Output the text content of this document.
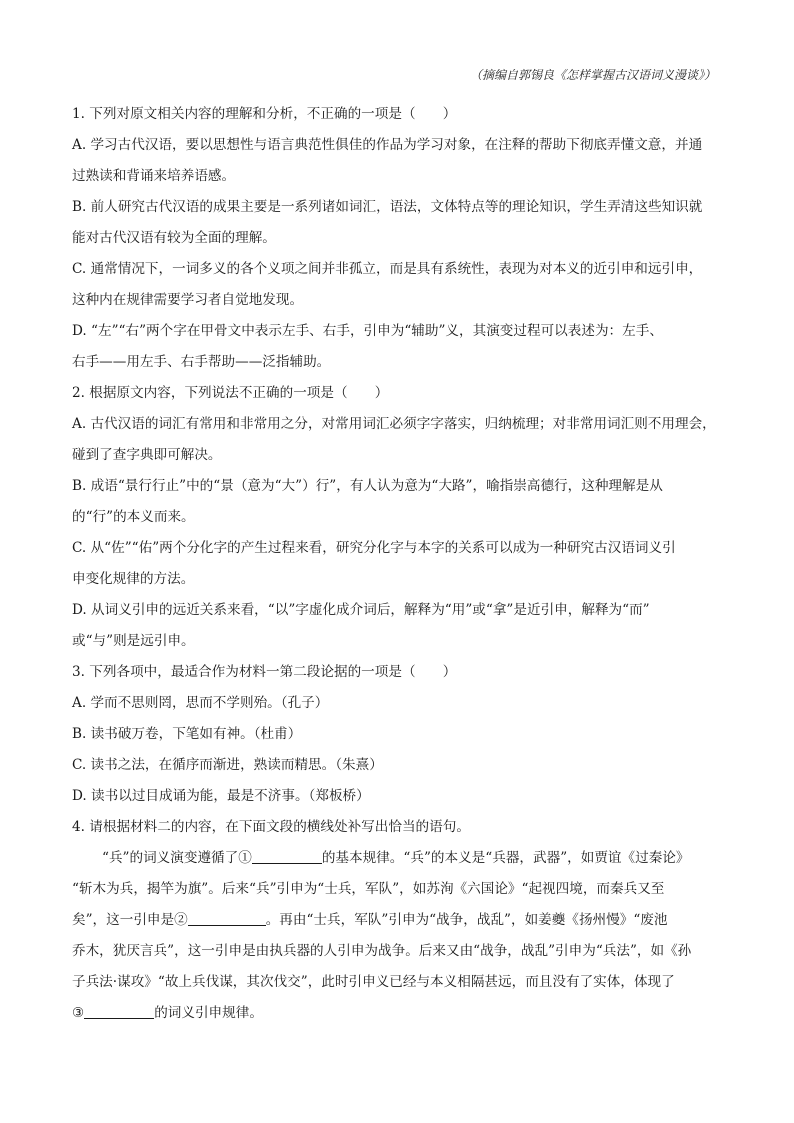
（摘编自郭锡良《怎样掌握古汉语词义漫谈》）
1. 下列对原文相关内容的理解和分析，不正确的一项是（　　）
A. 学习古代汉语，要以思想性与语言典范性俱佳的作品为学习对象，在注释的帮助下彻底弄懂文意，并通
过熟读和背诵来培养语感。
B. 前人研究古代汉语的成果主要是一系列诸如词汇，语法，文体特点等的理论知识，学生弄清这些知识就
能对古代汉语有较为全面的理解。
C. 通常情况下，一词多义的各个义项之间并非孤立，而是具有系统性，表现为对本义的近引申和远引申，
这种内在规律需要学习者自觉地发现。
D. “左”“右”两个字在甲骨文中表示左手、右手，引申为“辅助”义，其演变过程可以表述为：左手、
右手——用左手、右手帮助——泛指辅助。
2. 根据原文内容，下列说法不正确的一项是（　　）
A. 古代汉语的词汇有常用和非常用之分，对常用词汇必须字字落实，归纳梳理；对非常用词汇则不用理会，
碰到了查字典即可解决。
B. 成语“景行行止”中的“景（意为“大”）行”，有人认为意为“大路”，喻指崇高德行，这种理解是从
的“行”的本义而来。
C. 从“佐”“佑”两个分化字的产生过程来看，研究分化字与本字的关系可以成为一种研究古汉语词义引
申变化规律的方法。
D. 从词义引申的远近关系来看，“以”字虚化成介词后，解释为“用”或“拿”是近引申，解释为“而”
或“与”则是远引申。
3. 下列各项中，最适合作为材料一第二段论据的一项是（　　）
A. 学而不思则罔，思而不学则殆。（孔子）
B. 读书破万卷，下笔如有神。（杜甫）
C. 读书之法，在循序而渐进，熟读而精思。（朱熹）
D. 读书以过目成诵为能，最是不济事。（郑板桥）
4. 请根据材料二的内容，在下面文段的横线处补写出恰当的语句。
“兵”的词义演变遵循了①	的基本规律。“兵”的本义是“兵器，武器”，如贾谊《过秦论》
“斩木为兵，揭竿为旗”。后来“兵”引申为“士兵，军队”，如苏洵《六国论》“起视四境，而秦兵又至
矣”，这一引申是②	。再由“士兵，军队”引申为“战争，战乱”，如姜夔《扬州慢》“废池
乔木，犹厌言兵”，这一引申是由执兵器的人引申为战争。后来又由“战争，战乱”引申为“兵法”，如《孙
子兵法·谋攻》“故上兵伐谋，其次伐交”，此时引申义已经与本义相隔甚远，而且没有了实体，体现了
③	的词义引申规律。
